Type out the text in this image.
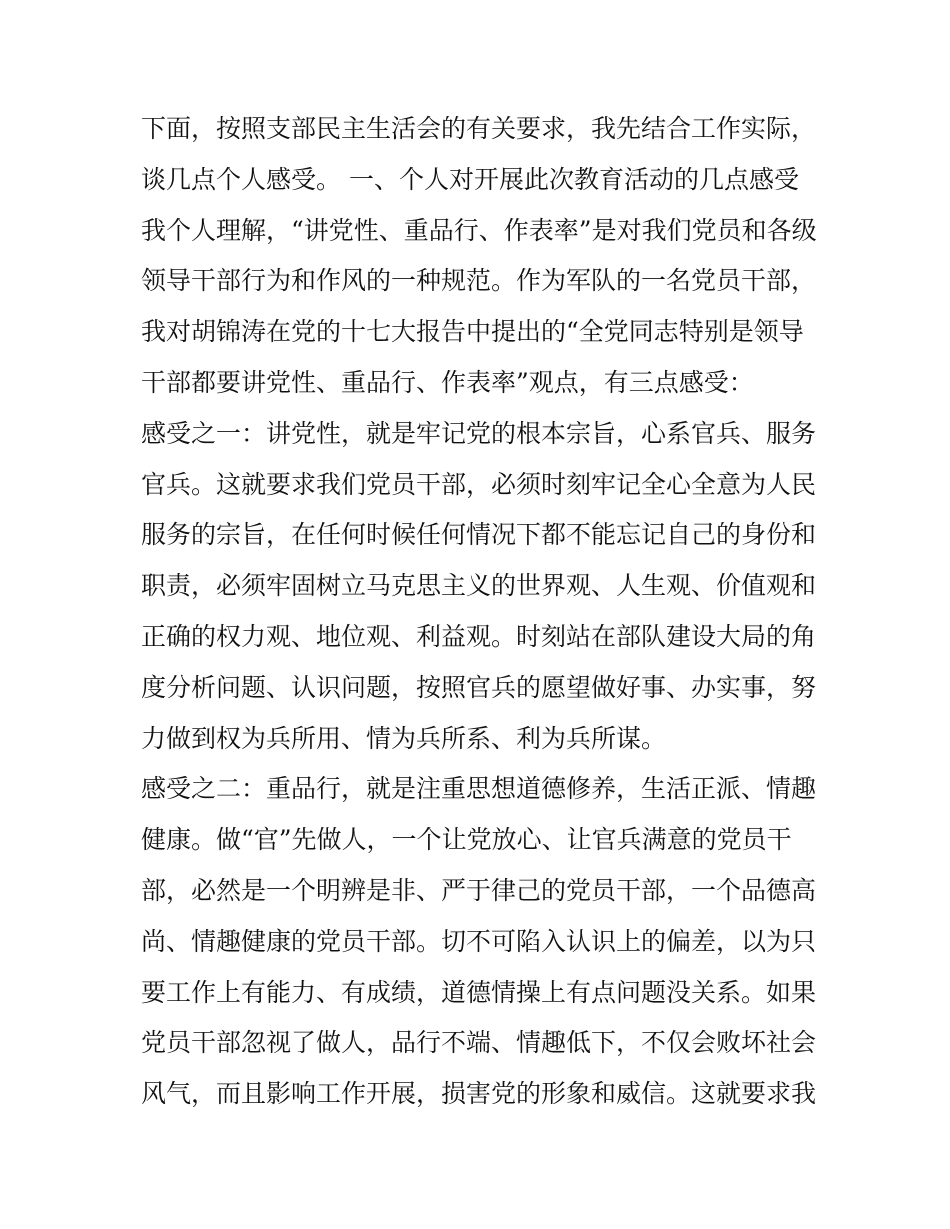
下面，按照支部民主生活会的有关要求，我先结合工作实际，
谈几点个人感受。 一、个人对开展此次教育活动的几点感受
我个人理解，“讲党性、重品行、作表率”是对我们党员和各级
领导干部行为和作风的一种规范。作为军队的一名党员干部，
我对胡锦涛在党的十七大报告中提出的“全党同志特别是领导
干部都要讲党性、重品行、作表率”观点，有三点感受：
感受之一：讲党性，就是牢记党的根本宗旨，心系官兵、服务
官兵。这就要求我们党员干部，必须时刻牢记全心全意为人民
服务的宗旨，在任何时候任何情况下都不能忘记自己的身份和
职责，必须牢固树立马克思主义的世界观、人生观、价值观和
正确的权力观、地位观、利益观。时刻站在部队建设大局的角
度分析问题、认识问题，按照官兵的愿望做好事、办实事，努
力做到权为兵所用、情为兵所系、利为兵所谋。
感受之二：重品行，就是注重思想道德修养，生活正派、情趣
健康。做“官”先做人，一个让党放心、让官兵满意的党员干
部，必然是一个明辨是非、严于律己的党员干部，一个品德高
尚、情趣健康的党员干部。切不可陷入认识上的偏差，以为只
要工作上有能力、有成绩，道德情操上有点问题没关系。如果
党员干部忽视了做人，品行不端、情趣低下，不仅会败坏社会
风气，而且影响工作开展，损害党的形象和威信。这就要求我
